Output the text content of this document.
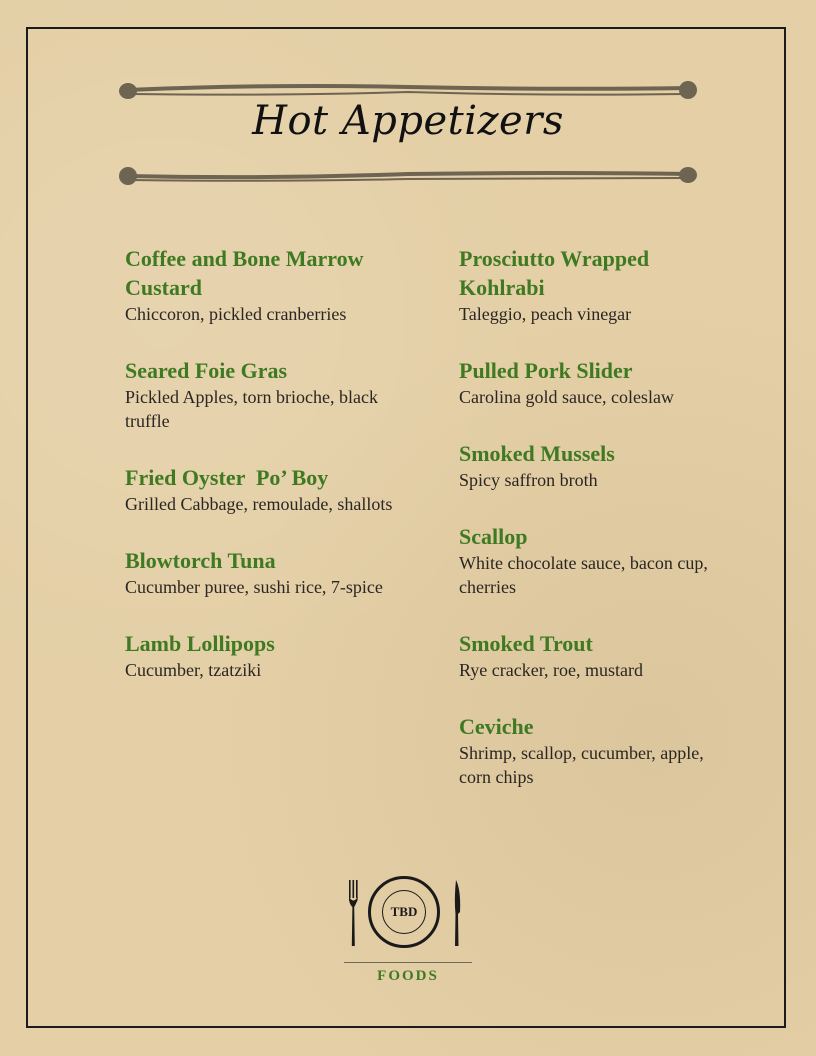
Hot Appetizers
Coffee and Bone Marrow Custard
Chiccoron, pickled cranberries
Seared Foie Gras
Pickled Apples, torn brioche, black truffle
Fried Oyster  Po’ Boy
Grilled Cabbage, remoulade, shallots
Blowtorch Tuna
Cucumber puree, sushi rice, 7-spice
Lamb Lollipops
Cucumber, tzatziki
Prosciutto Wrapped Kohlrabi
Taleggio, peach vinegar
Pulled Pork Slider
Carolina gold sauce, coleslaw
Smoked Mussels
Spicy saffron broth
Scallop
White chocolate sauce, bacon cup, cherries
Smoked Trout
Rye cracker, roe, mustard
Ceviche
Shrimp, scallop, cucumber, apple, corn chips
TBD
FOODS
